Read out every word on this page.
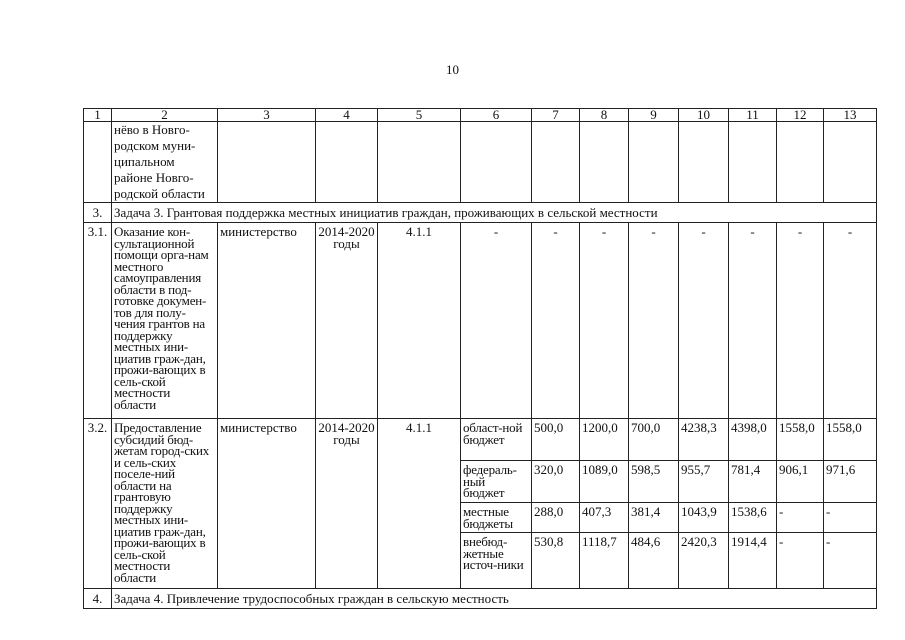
10
1	2	3	4	5	6	7	8	9	10	11	12	13
	нёво в Новго-родском муни-ципальном районе Новго-родской области											
3.	Задача 3. Грантовая поддержка местных инициатив граждан, проживающих в сельской местности											
3.1.	Оказание кон-сультационной помощи орга-нам местного самоуправления области в под-готовке докумен-тов для полу-чения грантов на поддержку местных ини-циатив граж-дан, прожи-вающих в сель-ской местности области	министерство	2014-2020 годы	4.1.1	-	-	-	-	-	-	-	-
3.2.	Предоставление субсидий бюд-жетам город-ских и сель-ских поселе-ний области на грантовую поддержку местных ини-циатив граж-дан, прожи-вающих в сель-ской местности области	министерство	2014-2020 годы	4.1.1	област-ной бюджет	500,0	1200,0	700,0	4238,3	4398,0	1558,0	1558,0
					федераль-ный бюджет	320,0	1089,0	598,5	955,7	781,4	906,1	971,6
					местные бюджеты	288,0	407,3	381,4	1043,9	1538,6	-	-
					внебюд-жетные источ-ники	530,8	1118,7	484,6	2420,3	1914,4	-	-
4.	Задача 4. Привлечение трудоспособных граждан в сельскую местность											
